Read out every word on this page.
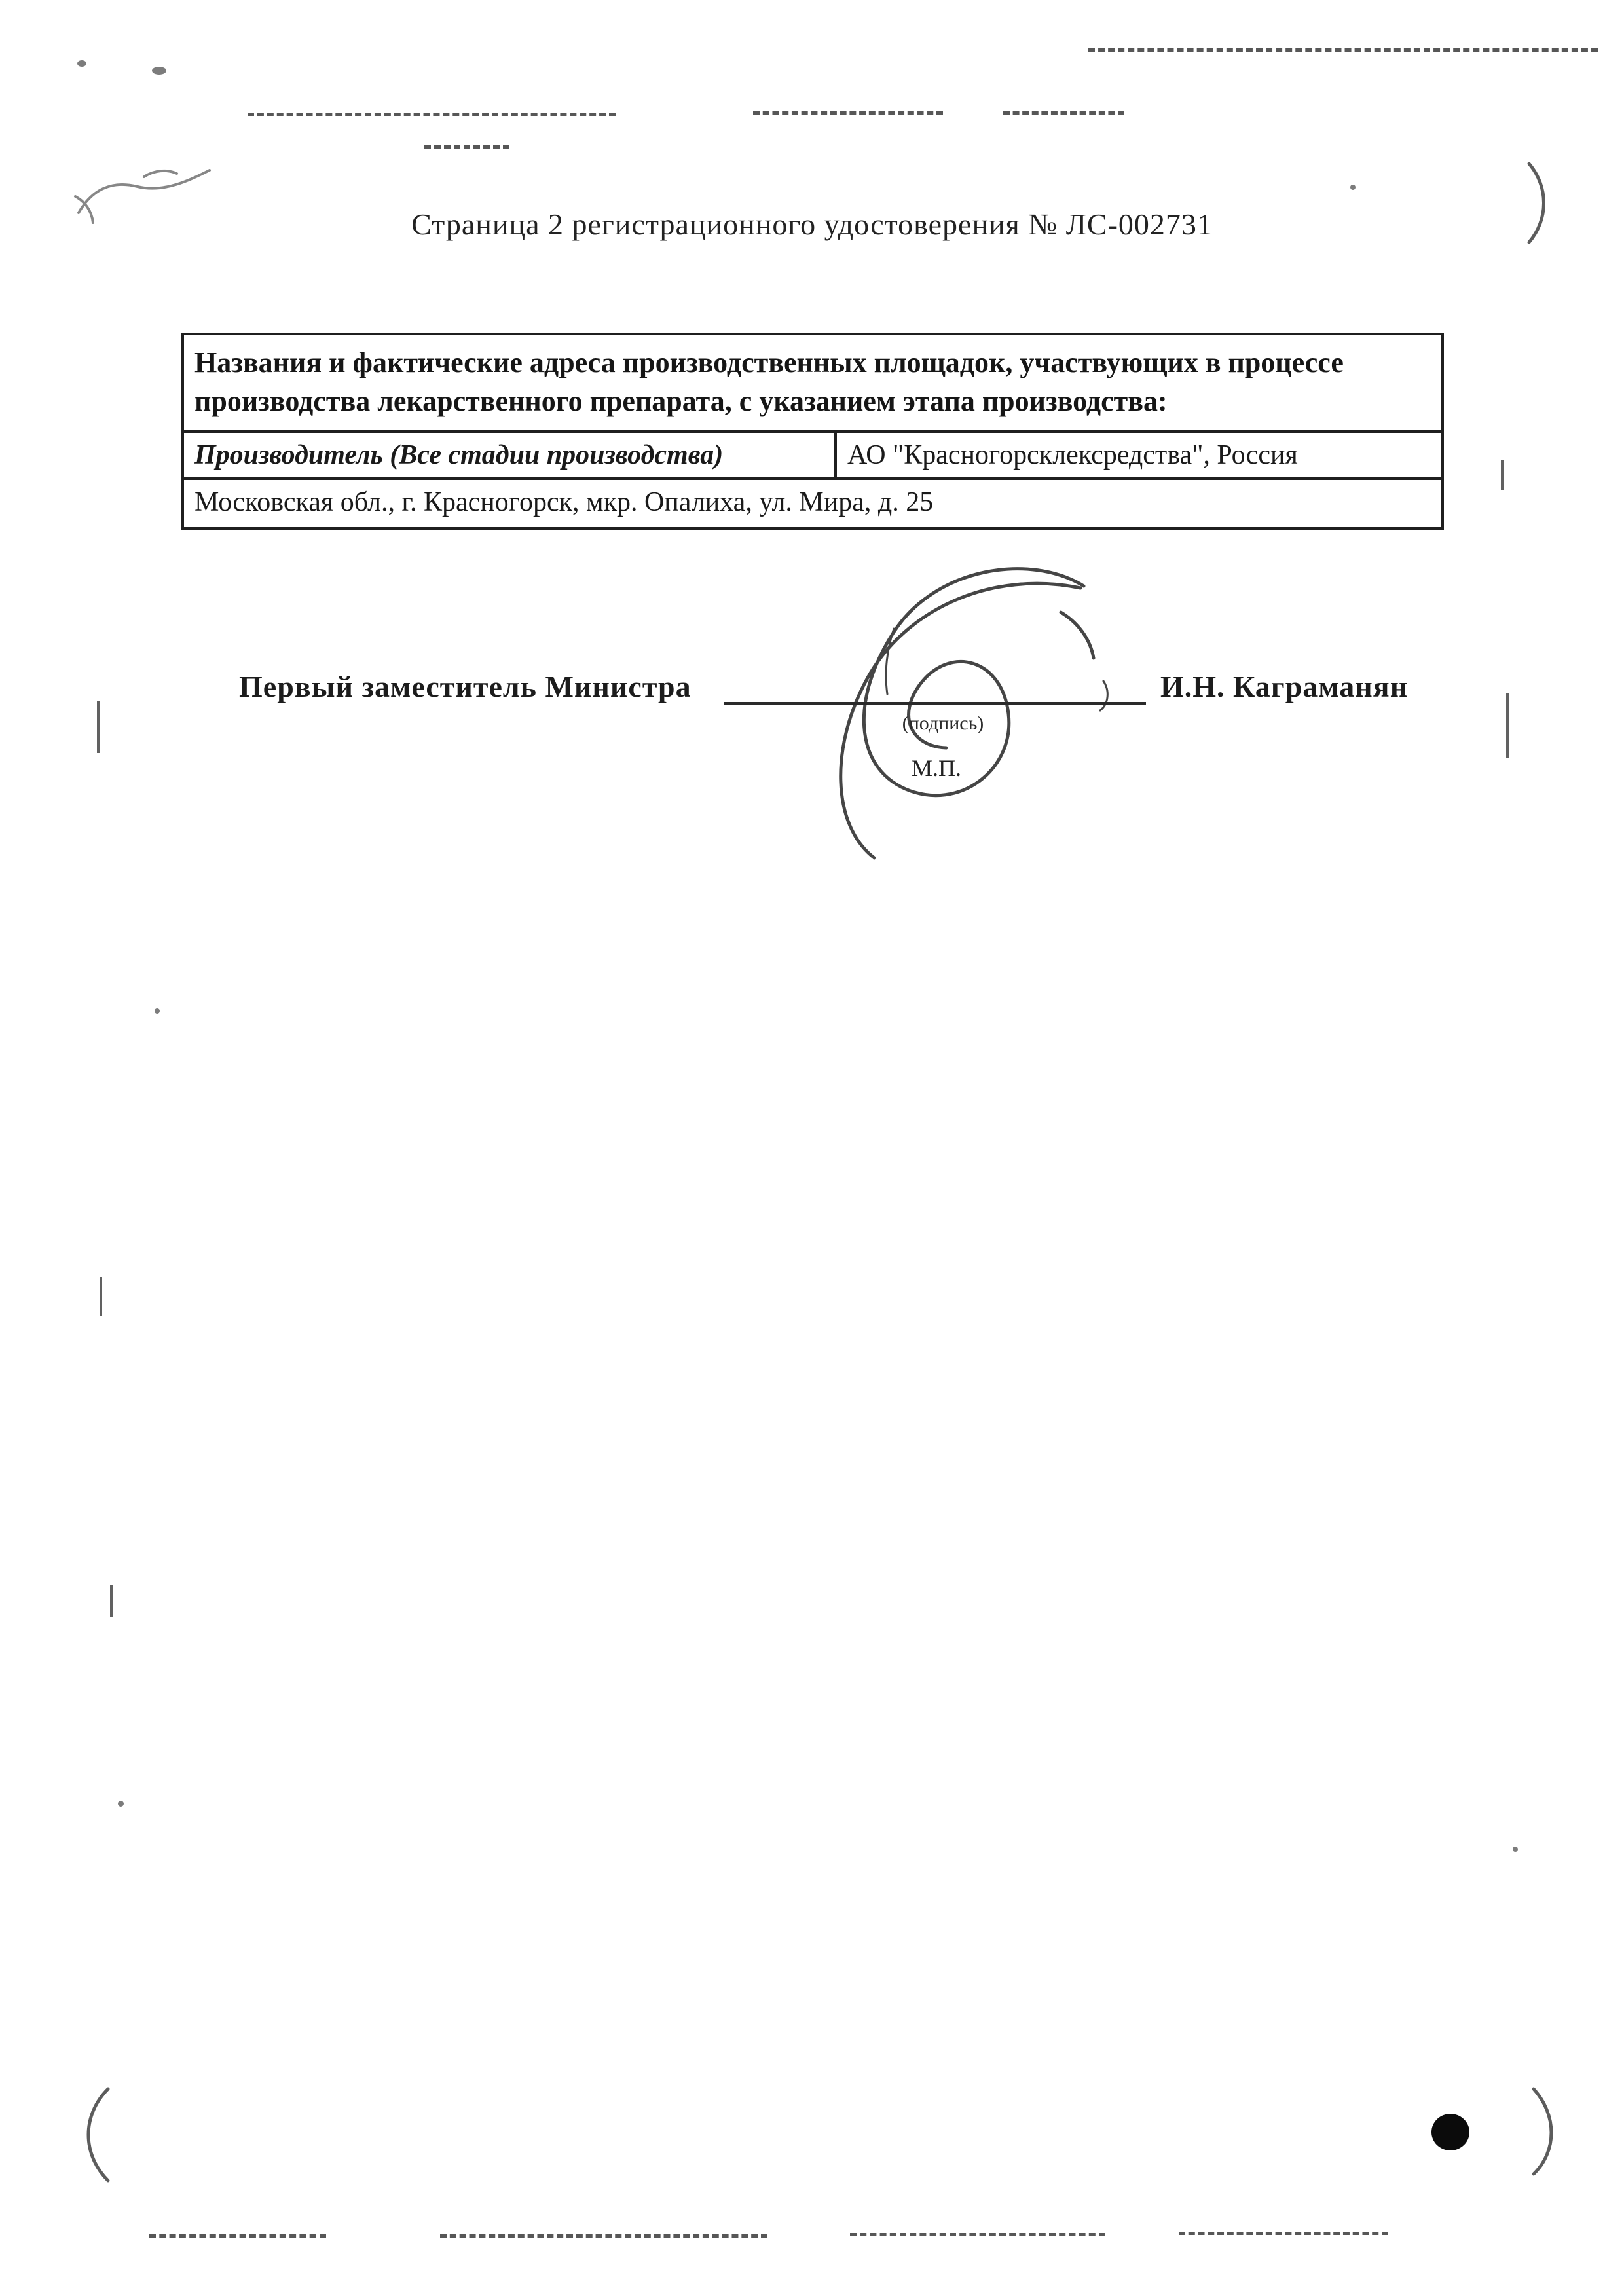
Страница 2 регистрационного удостоверения № ЛС-002731
Названия и фактические адреса производственных площадок, участвующих в процессе производства лекарственного препарата, с указанием этапа производства:
Производитель (Все стадии производства)	АО "Красногорсклексредства", Россия
Московская обл., г. Красногорск, мкр. Опалиха, ул. Мира, д. 25
Первый заместитель Министра
(подпись)
М.П.
И.Н. Каграманян
